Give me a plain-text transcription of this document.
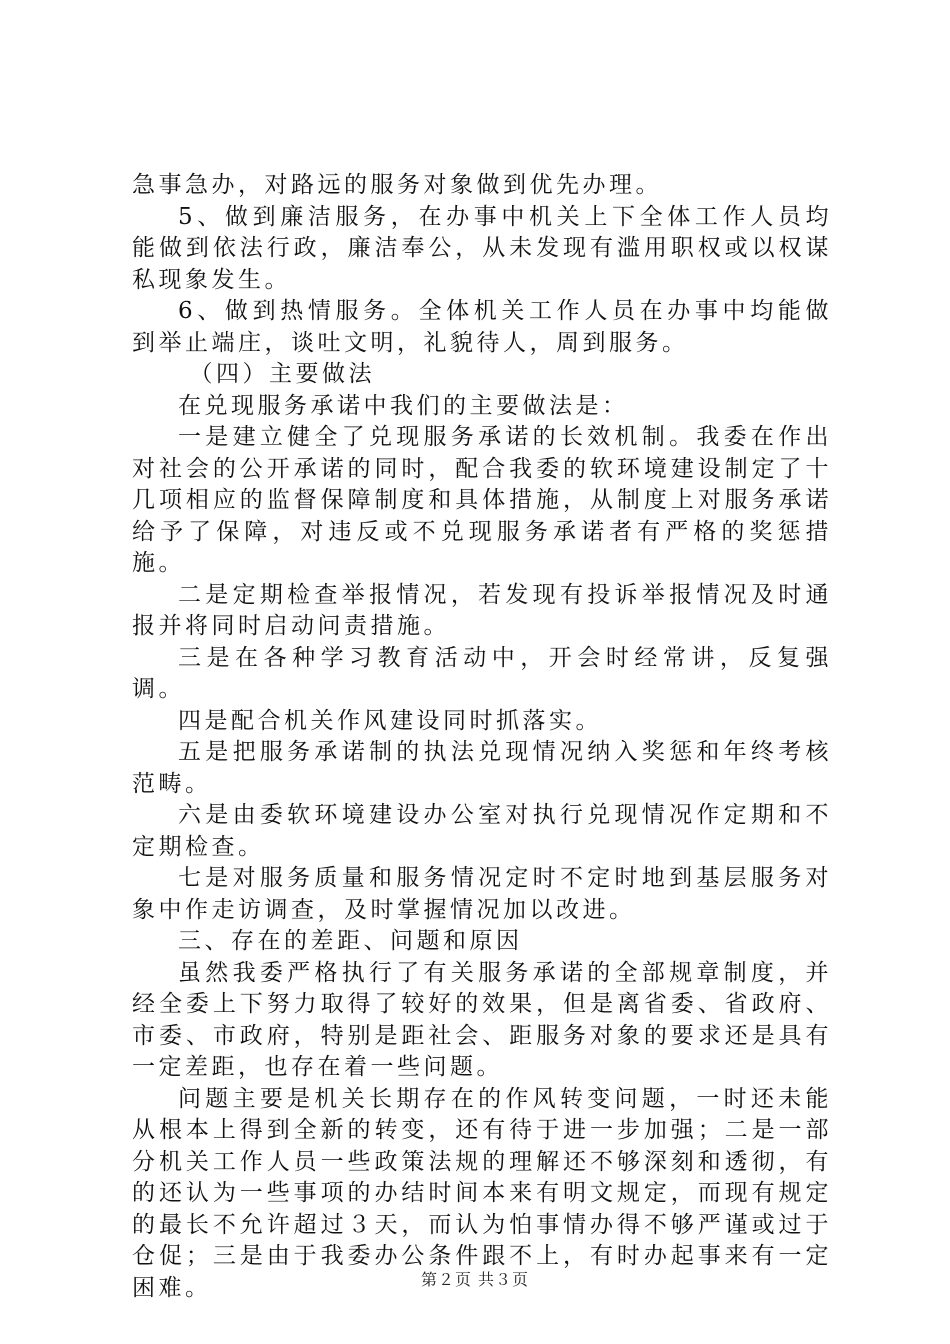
急事急办，对路远的服务对象做到优先办理。

5、做到廉洁服务，在办事中机关上下全体工作人员均能做到依法行政，廉洁奉公，从未发现有滥用职权或以权谋私现象发生。

6、做到热情服务。全体机关工作人员在办事中均能做到举止端庄，谈吐文明，礼貌待人，周到服务。

（四）主要做法

在兑现服务承诺中我们的主要做法是：

一是建立健全了兑现服务承诺的长效机制。我委在作出对社会的公开承诺的同时，配合我委的软环境建设制定了十几项相应的监督保障制度和具体措施，从制度上对服务承诺给予了保障，对违反或不兑现服务承诺者有严格的奖惩措施。

二是定期检查举报情况，若发现有投诉举报情况及时通报并将同时启动问责措施。

三是在各种学习教育活动中，开会时经常讲，反复强调。

四是配合机关作风建设同时抓落实。

五是把服务承诺制的执法兑现情况纳入奖惩和年终考核范畴。

六是由委软环境建设办公室对执行兑现情况作定期和不定期检查。

七是对服务质量和服务情况定时不定时地到基层服务对象中作走访调查，及时掌握情况加以改进。

三、存在的差距、问题和原因

虽然我委严格执行了有关服务承诺的全部规章制度，并经全委上下努力取得了较好的效果，但是离省委、省政府、市委、市政府，特别是距社会、距服务对象的要求还是具有一定差距，也存在着一些问题。

问题主要是机关长期存在的作风转变问题，一时还未能从根本上得到全新的转变，还有待于进一步加强；二是一部分机关工作人员一些政策法规的理解还不够深刻和透彻，有的还认为一些事项的办结时间本来有明文规定，而现有规定的最长不允许超过３天，而认为怕事情办得不够严谨或过于仓促；三是由于我委办公条件跟不上，有时办起事来有一定困难。	第２页 共３页
